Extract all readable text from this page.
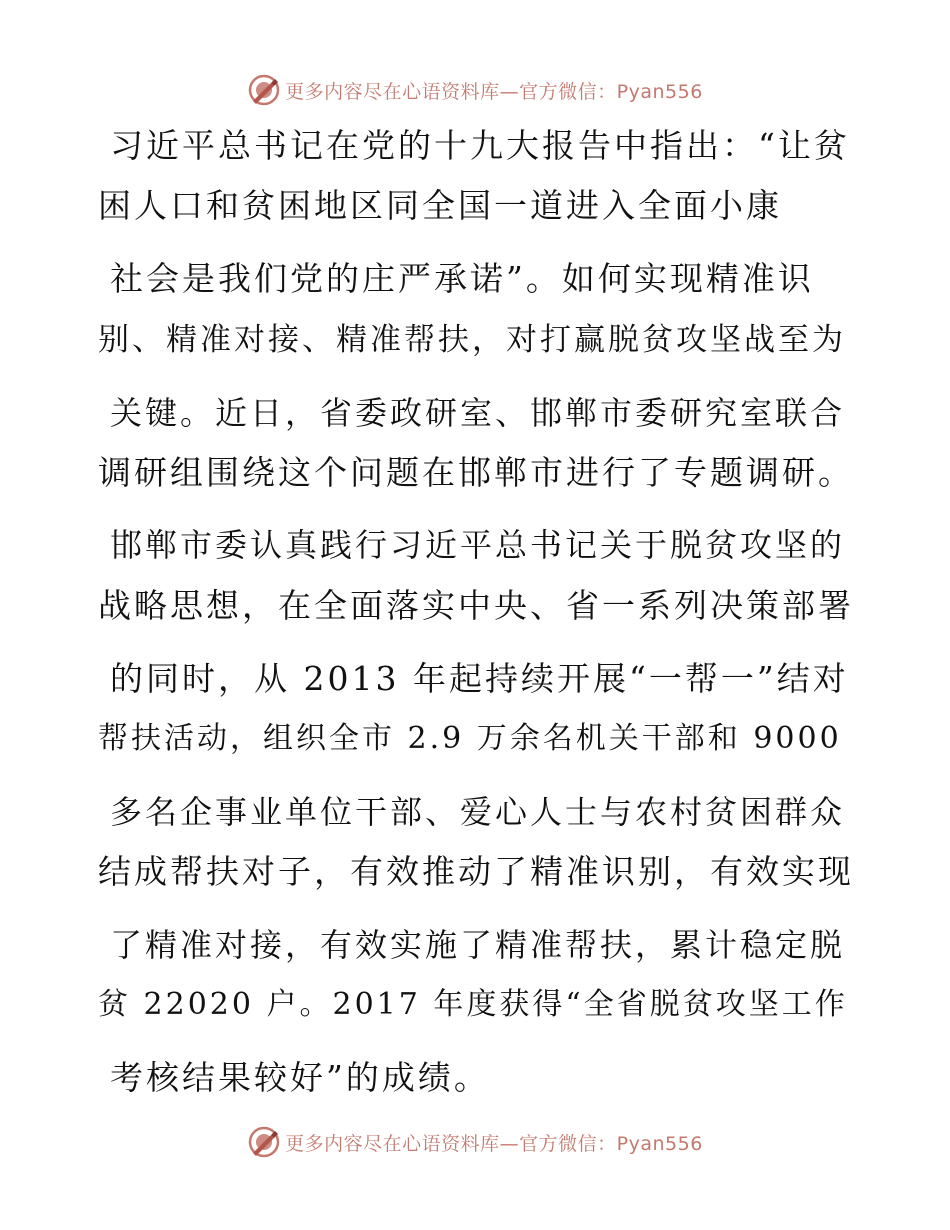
更多内容尽在心语资料库—官方微信：Pyan556
习近平总书记在党的十九大报告中指出：“让贫
困人口和贫困地区同全国一道进入全面小康
社会是我们党的庄严承诺”。如何实现精准识
别、精准对接、精准帮扶，对打赢脱贫攻坚战至为
关键。近日，省委政研室、邯郸市委研究室联合
调研组围绕这个问题在邯郸市进行了专题调研。
邯郸市委认真践行习近平总书记关于脱贫攻坚的
战略思想，在全面落实中央、省一系列决策部署
的同时，从 2013 年起持续开展“一帮一”结对
帮扶活动，组织全市 2.9 万余名机关干部和 9000
多名企事业单位干部、爱心人士与农村贫困群众
结成帮扶对子，有效推动了精准识别，有效实现
了精准对接，有效实施了精准帮扶，累计稳定脱
贫 22020 户。2017 年度获得“全省脱贫攻坚工作
考核结果较好”的成绩。
更多内容尽在心语资料库—官方微信：Pyan556
